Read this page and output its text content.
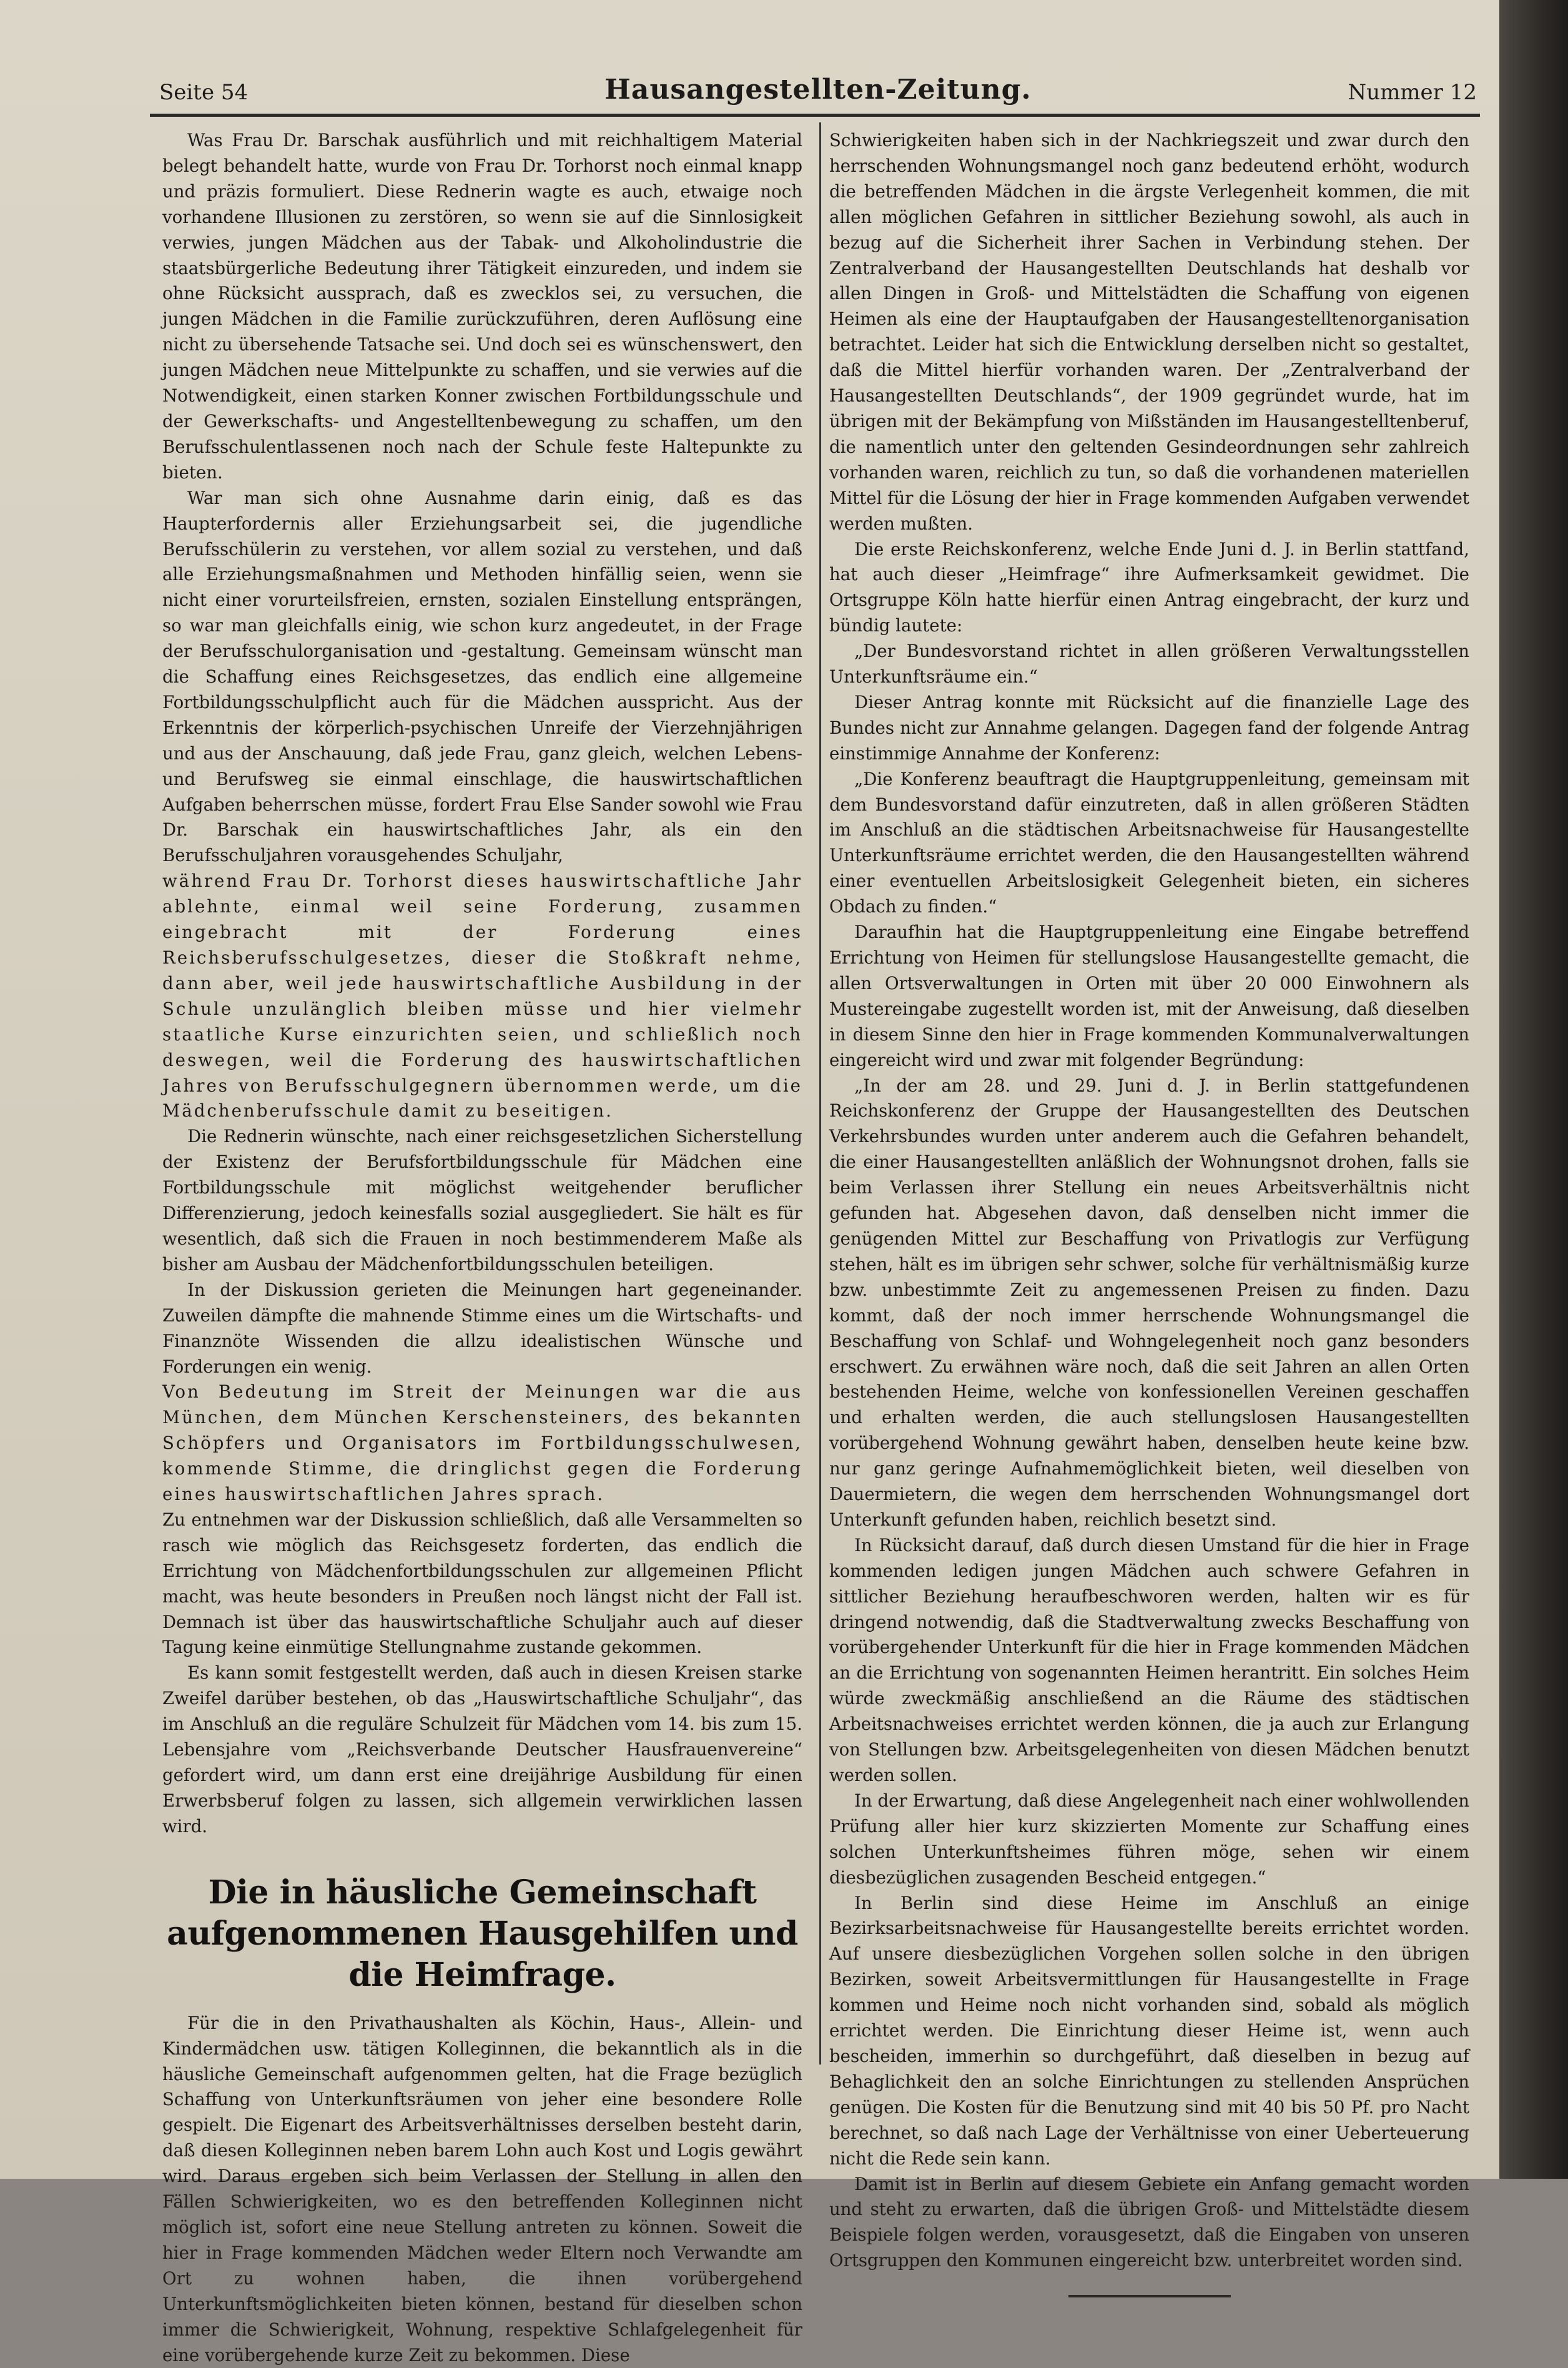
Seite 54	Hausangestellten-Zeitung.	Nummer 12

Was Frau Dr. Barschak ausführlich und mit reichhaltigem Material belegt behandelt hatte, wurde von Frau Dr. Torhorst noch einmal knapp und präzis formuliert. Diese Rednerin wagte es auch, etwaige noch vorhandene Illusionen zu zerstören, so wenn sie auf die Sinnlosigkeit verwies, jungen Mädchen aus der Tabak- und Alkoholindustrie die staatsbürgerliche Bedeutung ihrer Tätigkeit einzureden, und indem sie ohne Rücksicht aussprach, daß es zwecklos sei, zu versuchen, die jungen Mädchen in die Familie zurückzuführen, deren Auflösung eine nicht zu übersehende Tatsache sei. Und doch sei es wünschenswert, den jungen Mädchen neue Mittelpunkte zu schaffen, und sie verwies auf die Notwendigkeit, einen starken Konner zwischen Fortbildungsschule und der Gewerkschafts- und Angestelltenbewegung zu schaffen, um den Berufsschulentlassenen noch nach der Schule feste Haltepunkte zu bieten.

War man sich ohne Ausnahme darin einig, daß es das Haupterfordernis aller Erziehungsarbeit sei, die jugendliche Berufsschülerin zu verstehen, vor allem sozial zu verstehen, und daß alle Erziehungsmaßnahmen und Methoden hinfällig seien, wenn sie nicht einer vorurteilsfreien, ernsten, sozialen Einstellung entsprängen, so war man gleichfalls einig, wie schon kurz angedeutet, in der Frage der Berufsschulorganisation und -gestaltung. Gemeinsam wünscht man die Schaffung eines Reichsgesetzes, das endlich eine allgemeine Fortbildungsschulpflicht auch für die Mädchen ausspricht. Aus der Erkenntnis der körperlich-psychischen Unreife der Vierzehnjährigen und aus der Anschauung, daß jede Frau, ganz gleich, welchen Lebens- und Berufsweg sie einmal einschlage, die hauswirtschaftlichen Aufgaben beherrschen müsse, fordert Frau Else Sander sowohl wie Frau Dr. Barschak ein hauswirtschaftliches Jahr, als ein den Berufsschuljahren vorausgehendes Schuljahr,

während Frau Dr. Torhorst dieses hauswirtschaftliche Jahr ablehnte, einmal weil seine Forderung, zusammen eingebracht mit der Forderung eines Reichsberufsschulgesetzes, dieser die Stoßkraft nehme, dann aber, weil jede hauswirtschaftliche Ausbildung in der Schule unzulänglich bleiben müsse und hier vielmehr staatliche Kurse einzurichten seien, und schließlich noch deswegen, weil die Forderung des hauswirtschaftlichen Jahres von Berufsschulgegnern übernommen werde, um die Mädchenberufsschule damit zu beseitigen.

Die Rednerin wünschte, nach einer reichsgesetzlichen Sicherstellung der Existenz der Berufsfortbildungsschule für Mädchen eine Fortbildungsschule mit möglichst weitgehender beruflicher Differenzierung, jedoch keinesfalls sozial ausgegliedert. Sie hält es für wesentlich, daß sich die Frauen in noch bestimmenderem Maße als bisher am Ausbau der Mädchenfortbildungsschulen beteiligen.

In der Diskussion gerieten die Meinungen hart gegeneinander. Zuweilen dämpfte die mahnende Stimme eines um die Wirtschafts- und Finanznöte Wissenden die allzu idealistischen Wünsche und Forderungen ein wenig.

Von Bedeutung im Streit der Meinungen war die aus München, dem München Kerschensteiners, des bekannten Schöpfers und Organisators im Fortbildungsschulwesen, kommende Stimme, die dringlichst gegen die Forderung eines hauswirtschaftlichen Jahres sprach.

Zu entnehmen war der Diskussion schließlich, daß alle Versammelten so rasch wie möglich das Reichsgesetz forderten, das endlich die Errichtung von Mädchenfortbildungsschulen zur allgemeinen Pflicht macht, was heute besonders in Preußen noch längst nicht der Fall ist. Demnach ist über das hauswirtschaftliche Schuljahr auch auf dieser Tagung keine einmütige Stellungnahme zustande gekommen.

Es kann somit festgestellt werden, daß auch in diesen Kreisen starke Zweifel darüber bestehen, ob das „Hauswirtschaftliche Schuljahr“, das im Anschluß an die reguläre Schulzeit für Mädchen vom 14. bis zum 15. Lebensjahre vom „Reichsverbande Deutscher Hausfrauenvereine“ gefordert wird, um dann erst eine dreijährige Ausbildung für einen Erwerbsberuf folgen zu lassen, sich allgemein verwirklichen lassen wird.

Die in häusliche Gemeinschaft aufgenommenen Hausgehilfen und die Heimfrage.

Für die in den Privathaushalten als Köchin, Haus-, Allein- und Kindermädchen usw. tätigen Kolleginnen, die bekanntlich als in die häusliche Gemeinschaft aufgenommen gelten, hat die Frage bezüglich Schaffung von Unterkunftsräumen von jeher eine besondere Rolle gespielt. Die Eigenart des Arbeitsverhältnisses derselben besteht darin, daß diesen Kolleginnen neben barem Lohn auch Kost und Logis gewährt wird. Daraus ergeben sich beim Verlassen der Stellung in allen den Fällen Schwierigkeiten, wo es den betreffenden Kolleginnen nicht möglich ist, sofort eine neue Stellung antreten zu können. Soweit die hier in Frage kommenden Mädchen weder Eltern noch Verwandte am Ort zu wohnen haben, die ihnen vorübergehend Unterkunftsmöglichkeiten bieten können, bestand für dieselben schon immer die Schwierigkeit, Wohnung, respektive Schlafgelegenheit für eine vorübergehende kurze Zeit zu bekommen. Diese

Schwierigkeiten haben sich in der Nachkriegszeit und zwar durch den herrschenden Wohnungsmangel noch ganz bedeutend erhöht, wodurch die betreffenden Mädchen in die ärgste Verlegenheit kommen, die mit allen möglichen Gefahren in sittlicher Beziehung sowohl, als auch in bezug auf die Sicherheit ihrer Sachen in Verbindung stehen. Der Zentralverband der Hausangestellten Deutschlands hat deshalb vor allen Dingen in Groß- und Mittelstädten die Schaffung von eigenen Heimen als eine der Hauptaufgaben der Hausangestelltenorganisation betrachtet. Leider hat sich die Entwicklung derselben nicht so gestaltet, daß die Mittel hierfür vorhanden waren. Der „Zentralverband der Hausangestellten Deutschlands“, der 1909 gegründet wurde, hat im übrigen mit der Bekämpfung von Mißständen im Hausangestelltenberuf, die namentlich unter den geltenden Gesindeordnungen sehr zahlreich vorhanden waren, reichlich zu tun, so daß die vorhandenen materiellen Mittel für die Lösung der hier in Frage kommenden Aufgaben verwendet werden mußten.

Die erste Reichskonferenz, welche Ende Juni d. J. in Berlin stattfand, hat auch dieser „Heimfrage“ ihre Aufmerksamkeit gewidmet. Die Ortsgruppe Köln hatte hierfür einen Antrag eingebracht, der kurz und bündig lautete:

„Der Bundesvorstand richtet in allen größeren Verwaltungsstellen Unterkunftsräume ein.“

Dieser Antrag konnte mit Rücksicht auf die finanzielle Lage des Bundes nicht zur Annahme gelangen. Dagegen fand der folgende Antrag einstimmige Annahme der Konferenz:

„Die Konferenz beauftragt die Hauptgruppenleitung, gemeinsam mit dem Bundesvorstand dafür einzutreten, daß in allen größeren Städten im Anschluß an die städtischen Arbeitsnachweise für Hausangestellte Unterkunftsräume errichtet werden, die den Hausangestellten während einer eventuellen Arbeitslosigkeit Gelegenheit bieten, ein sicheres Obdach zu finden.“

Daraufhin hat die Hauptgruppenleitung eine Eingabe betreffend Errichtung von Heimen für stellungslose Hausangestellte gemacht, die allen Ortsverwaltungen in Orten mit über 20 000 Einwohnern als Mustereingabe zugestellt worden ist, mit der Anweisung, daß dieselben in diesem Sinne den hier in Frage kommenden Kommunalverwaltungen eingereicht wird und zwar mit folgender Begründung:

„In der am 28. und 29. Juni d. J. in Berlin stattgefundenen Reichskonferenz der Gruppe der Hausangestellten des Deutschen Verkehrsbundes wurden unter anderem auch die Gefahren behandelt, die einer Hausangestellten anläßlich der Wohnungsnot drohen, falls sie beim Verlassen ihrer Stellung ein neues Arbeitsverhältnis nicht gefunden hat. Abgesehen davon, daß denselben nicht immer die genügenden Mittel zur Beschaffung von Privatlogis zur Verfügung stehen, hält es im übrigen sehr schwer, solche für verhältnismäßig kurze bzw. unbestimmte Zeit zu angemessenen Preisen zu finden. Dazu kommt, daß der noch immer herrschende Wohnungsmangel die Beschaffung von Schlaf- und Wohngelegenheit noch ganz besonders erschwert. Zu erwähnen wäre noch, daß die seit Jahren an allen Orten bestehenden Heime, welche von konfessionellen Vereinen geschaffen und erhalten werden, die auch stellungslosen Hausangestellten vorübergehend Wohnung gewährt haben, denselben heute keine bzw. nur ganz geringe Aufnahmemöglichkeit bieten, weil dieselben von Dauermietern, die wegen dem herrschenden Wohnungsmangel dort Unterkunft gefunden haben, reichlich besetzt sind.

In Rücksicht darauf, daß durch diesen Umstand für die hier in Frage kommenden ledigen jungen Mädchen auch schwere Gefahren in sittlicher Beziehung heraufbeschworen werden, halten wir es für dringend notwendig, daß die Stadtverwaltung zwecks Beschaffung von vorübergehender Unterkunft für die hier in Frage kommenden Mädchen an die Errichtung von sogenannten Heimen herantritt. Ein solches Heim würde zweckmäßig anschließend an die Räume des städtischen Arbeitsnachweises errichtet werden können, die ja auch zur Erlangung von Stellungen bzw. Arbeitsgelegenheiten von diesen Mädchen benutzt werden sollen.

In der Erwartung, daß diese Angelegenheit nach einer wohlwollenden Prüfung aller hier kurz skizzierten Momente zur Schaffung eines solchen Unterkunftsheimes führen möge, sehen wir einem diesbezüglichen zusagenden Bescheid entgegen.“

In Berlin sind diese Heime im Anschluß an einige Bezirksarbeitsnachweise für Hausangestellte bereits errichtet worden. Auf unsere diesbezüglichen Vorgehen sollen solche in den übrigen Bezirken, soweit Arbeitsvermittlungen für Hausangestellte in Frage kommen und Heime noch nicht vorhanden sind, sobald als möglich errichtet werden. Die Einrichtung dieser Heime ist, wenn auch bescheiden, immerhin so durchgeführt, daß dieselben in bezug auf Behaglichkeit den an solche Einrichtungen zu stellenden Ansprüchen genügen. Die Kosten für die Benutzung sind mit 40 bis 50 Pf. pro Nacht berechnet, so daß nach Lage der Verhältnisse von einer Ueberteuerung nicht die Rede sein kann.

Damit ist in Berlin auf diesem Gebiete ein Anfang gemacht worden und steht zu erwarten, daß die übrigen Groß- und Mittelstädte diesem Beispiele folgen werden, vorausgesetzt, daß die Eingaben von unseren Ortsgruppen den Kommunen eingereicht bzw. unterbreitet worden sind.
